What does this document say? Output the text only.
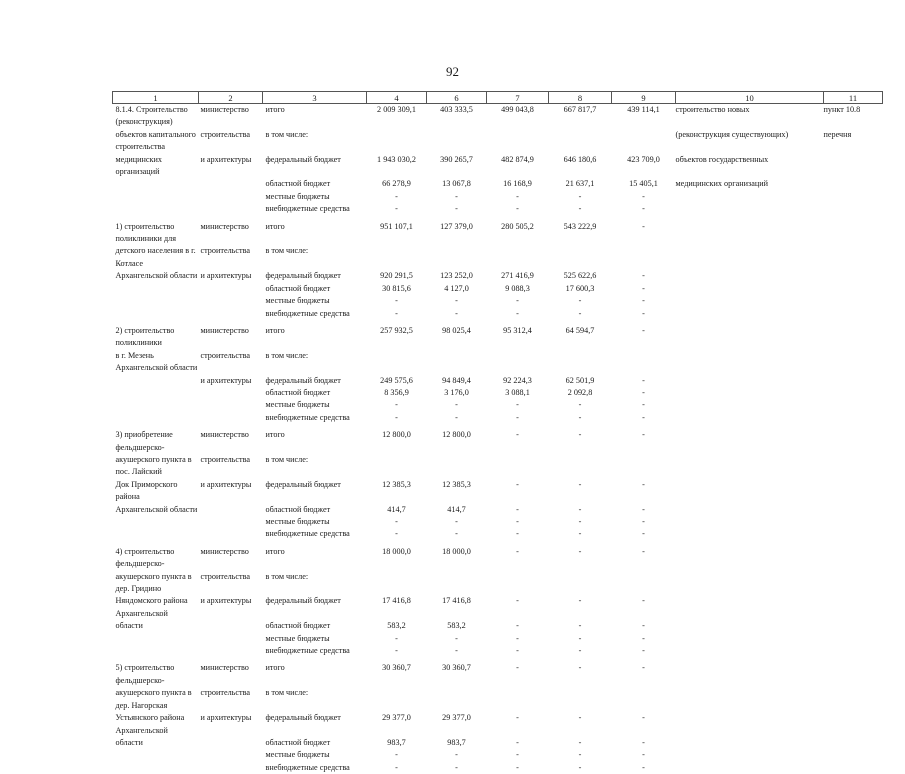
92
1	2	3	4	6	7	8	9	10	11
8.1.4. Строительство (реконструкция)	министерство	итого	2 009 309,1	403 333,5	499 043,8	667 817,7	439 114,1	строительство новых	пункт 10.8
объектов капитального строительства	строительства	в том числе:						(реконструкция существующих)	перечня
медицинских организаций	и архитектуры	федеральный бюджет	1 943 030,2	390 265,7	482 874,9	646 180,6	423 709,0	объектов государственных	
		областной бюджет	66 278,9	13 067,8	16 168,9	21 637,1	15 405,1	медицинских организаций	
		местные бюджеты	-	-	-	-	-		
		внебюджетные средства	-	-	-	-	-		
1) строительство поликлиники для	министерство	итого	951 107,1	127 379,0	280 505,2	543 222,9	-		
детского населения в г. Котласе	строительства	в том числе:							
Архангельской области	и архитектуры	федеральный бюджет	920 291,5	123 252,0	271 416,9	525 622,6	-		
		областной бюджет	30 815,6	4 127,0	9 088,3	17 600,3	-		
		местные бюджеты	-	-	-	-	-		
		внебюджетные средства	-	-	-	-	-		
2) строительство поликлиники	министерство	итого	257 932,5	98 025,4	95 312,4	64 594,7	-		
в г. Мезень Архангельской области	строительства	в том числе:							
	и архитектуры	федеральный бюджет	249 575,6	94 849,4	92 224,3	62 501,9	-		
		областной бюджет	8 356,9	3 176,0	3 088,1	2 092,8	-		
		местные бюджеты	-	-	-	-	-		
		внебюджетные средства	-	-	-	-	-		
3) приобретение фельдшерско-	министерство	итого	12 800,0	12 800,0	-	-	-		
акушерского пункта в пос. Лайский	строительства	в том числе:							
Док Приморского района	и архитектуры	федеральный бюджет	12 385,3	12 385,3	-	-	-		
Архангельской области		областной бюджет	414,7	414,7	-	-	-		
		местные бюджеты	-	-	-	-	-		
		внебюджетные средства	-	-	-	-	-		
4) строительство фельдшерско-	министерство	итого	18 000,0	18 000,0	-	-	-		
акушерского пункта в дер. Гридино	строительства	в том числе:							
Няндомского района Архангельской	и архитектуры	федеральный бюджет	17 416,8	17 416,8	-	-	-		
области		областной бюджет	583,2	583,2	-	-	-		
		местные бюджеты	-	-	-	-	-		
		внебюджетные средства	-	-	-	-	-		
5) строительство фельдшерско-	министерство	итого	30 360,7	30 360,7	-	-	-		
акушерского пункта в дер. Нагорская	строительства	в том числе:							
Устьянского района Архангельской	и архитектуры	федеральный бюджет	29 377,0	29 377,0	-	-	-		
области		областной бюджет	983,7	983,7	-	-	-		
		местные бюджеты	-	-	-	-	-		
		внебюджетные средства	-	-	-	-	-		
